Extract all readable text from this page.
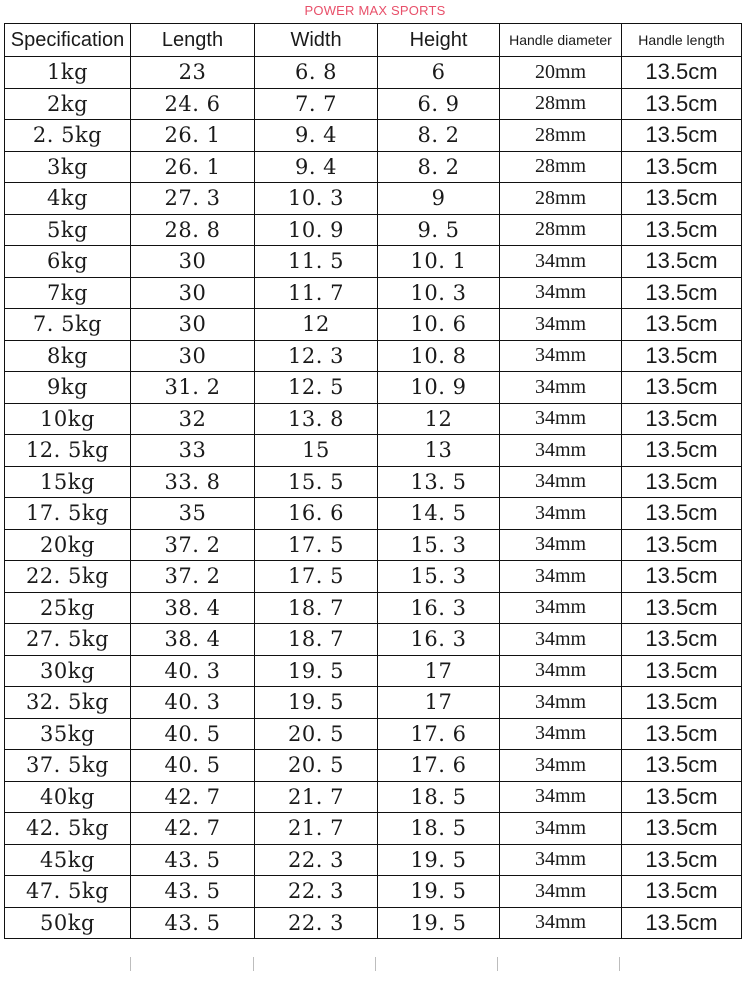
POWER MAX SPORTS
Specification	Length	Width	Height	Handle diameter	Handle length
1kg	23	6. 8	6	20mm	13.5cm
2kg	24. 6	7. 7	6. 9	28mm	13.5cm
2. 5kg	26. 1	9. 4	8. 2	28mm	13.5cm
3kg	26. 1	9. 4	8. 2	28mm	13.5cm
4kg	27. 3	10. 3	9	28mm	13.5cm
5kg	28. 8	10. 9	9. 5	28mm	13.5cm
6kg	30	11. 5	10. 1	34mm	13.5cm
7kg	30	11. 7	10. 3	34mm	13.5cm
7. 5kg	30	12	10. 6	34mm	13.5cm
8kg	30	12. 3	10. 8	34mm	13.5cm
9kg	31. 2	12. 5	10. 9	34mm	13.5cm
10kg	32	13. 8	12	34mm	13.5cm
12. 5kg	33	15	13	34mm	13.5cm
15kg	33. 8	15. 5	13. 5	34mm	13.5cm
17. 5kg	35	16. 6	14. 5	34mm	13.5cm
20kg	37. 2	17. 5	15. 3	34mm	13.5cm
22. 5kg	37. 2	17. 5	15. 3	34mm	13.5cm
25kg	38. 4	18. 7	16. 3	34mm	13.5cm
27. 5kg	38. 4	18. 7	16. 3	34mm	13.5cm
30kg	40. 3	19. 5	17	34mm	13.5cm
32. 5kg	40. 3	19. 5	17	34mm	13.5cm
35kg	40. 5	20. 5	17. 6	34mm	13.5cm
37. 5kg	40. 5	20. 5	17. 6	34mm	13.5cm
40kg	42. 7	21. 7	18. 5	34mm	13.5cm
42. 5kg	42. 7	21. 7	18. 5	34mm	13.5cm
45kg	43. 5	22. 3	19. 5	34mm	13.5cm
47. 5kg	43. 5	22. 3	19. 5	34mm	13.5cm
50kg	43. 5	22. 3	19. 5	34mm	13.5cm
